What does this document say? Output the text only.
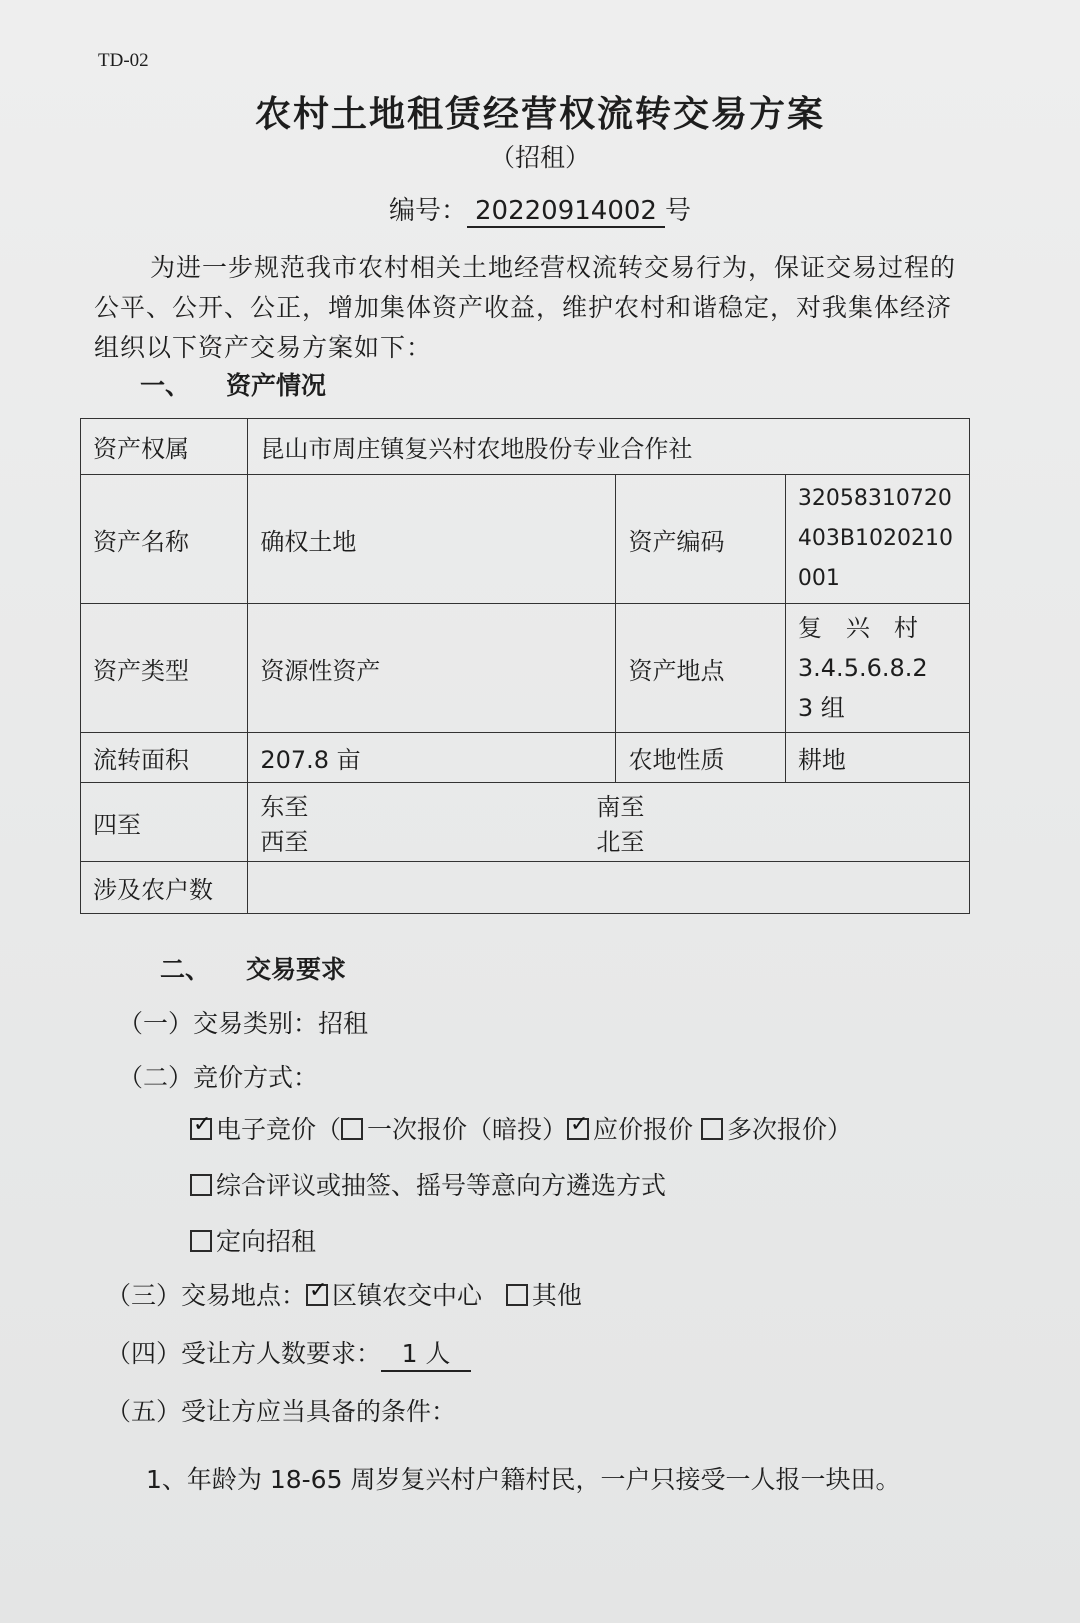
TD-02
农村土地租赁经营权流转交易方案
（招租）
编号： 20220914002 号
为进一步规范我市农村相关土地经营权流转交易行为，保证交易过程的公平、公开、公正，增加集体资产收益，维护农村和谐稳定，对我集体经济组织以下资产交易方案如下：
一、 资产情况
资产权属	昆山市周庄镇复兴村农地股份专业合作社		
资产名称	确权土地	资产编码	32058310720
403B1020210
001

资产类型	资源性资产	资产地点	复　兴　村
3.4.5.6.8.2
3 组

流转面积	207.8 亩	农地性质	耕地
四至	东至 南至
西至 北至		

涉及农户数			
二、 交易要求
（一）交易类别：招租
（二）竞价方式：
✓电子竞价（ 一次报价（暗投） ✓ 应价报价 多次报价）
综合评议或抽签、摇号等意向方遴选方式
定向招租
（三）交易地点： ✓ 区镇农交中心 其他
（四）受让方人数要求： 1 人
（五）受让方应当具备的条件：
1、年龄为 18-65 周岁复兴村户籍村民，一户只接受一人报一块田。
